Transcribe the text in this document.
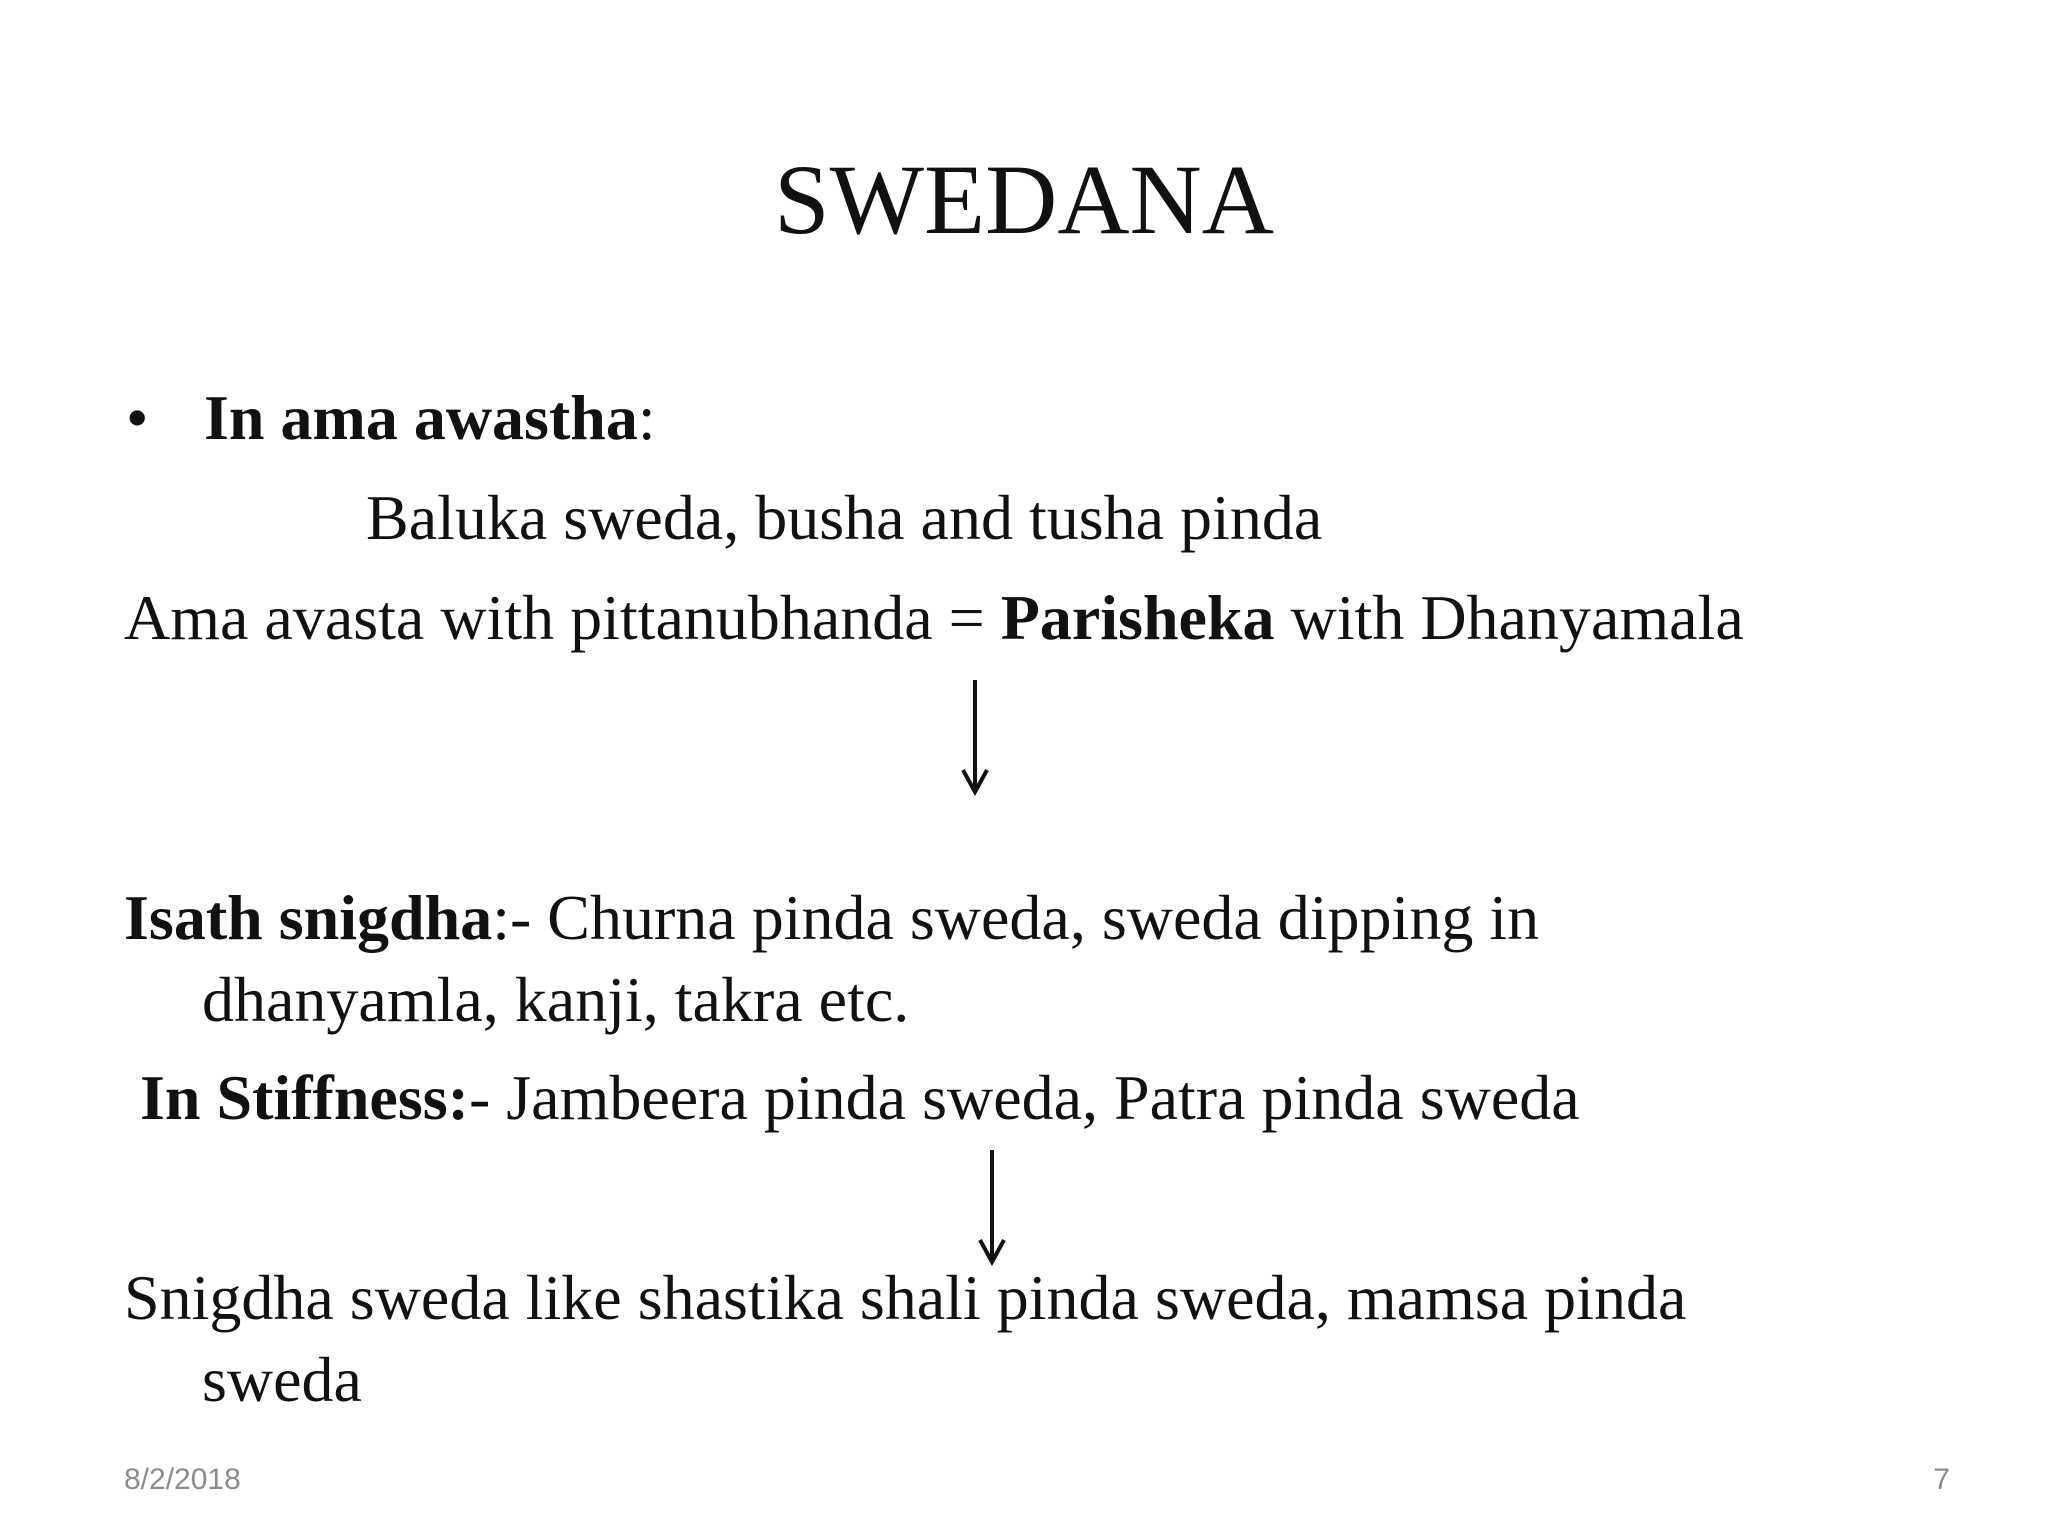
SWEDANA
• In ama awastha:
Baluka sweda, busha and tusha pinda
Ama avasta with pittanubhanda = Parisheka with Dhanyamala
Isath snigdha:- Churna pinda sweda, sweda dipping in
dhanyamla, kanji, takra etc.
In Stiffness:- Jambeera pinda sweda, Patra pinda sweda
Snigdha sweda like shastika shali pinda sweda, mamsa pinda
sweda
8/2/2018	7
